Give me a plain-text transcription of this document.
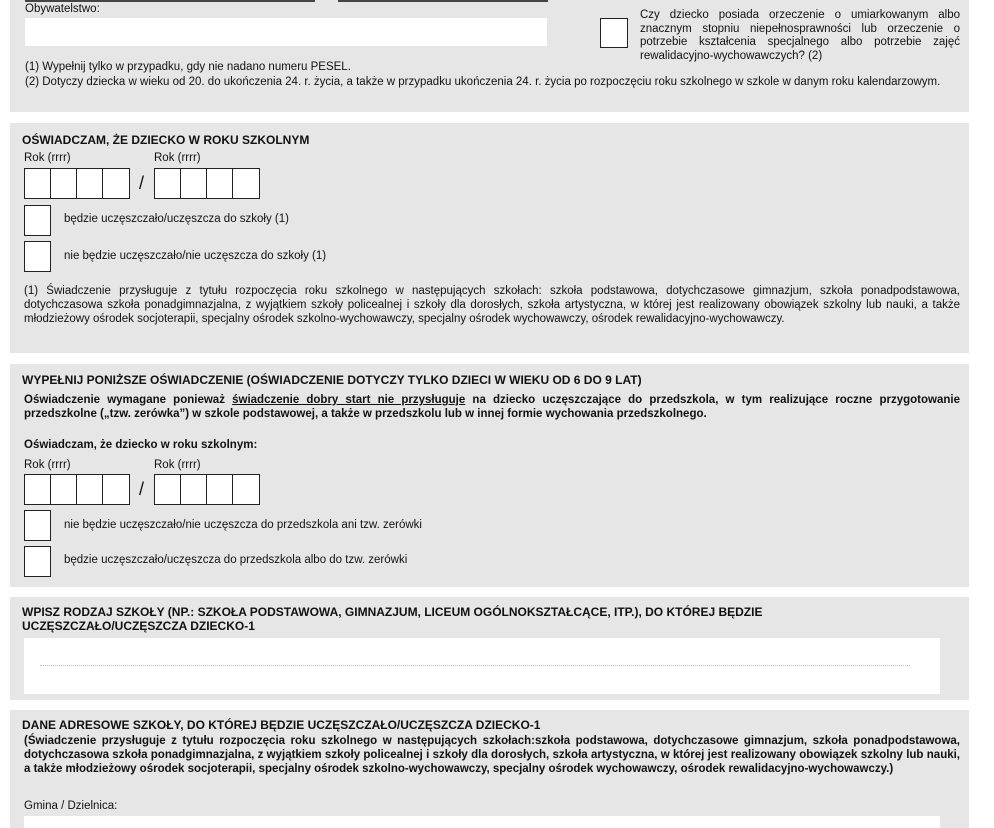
Obywatelstwo:	Czy dziecko posiada orzeczenie o umiarkowanym albo znacznym stopniu niepełnosprawności lub orzeczenie o potrzebie kształcenia specjalnego albo potrzebie zajęć rewalidacyjno-wychowawczych? (2)
(1) Wypełnij tylko w przypadku, gdy nie nadano numeru PESEL.
(2) Dotyczy dziecka w wieku od 20. do ukończenia 24. r. życia, a także w przypadku ukończenia 24. r. życia po rozpoczęciu roku szkolnego w szkole w danym roku kalendarzowym.
OŚWIADCZAM, ŻE DZIECKO W ROKU SZKOLNYM
Rok (rrrr)	Rok (rrrr)
/
będzie uczęszczało/uczęszcza do szkoły (1)
nie będzie uczęszczało/nie uczęszcza do szkoły (1)
(1) Świadczenie przysługuje z tytułu rozpoczęcia roku szkolnego w następujących szkołach: szkoła podstawowa, dotychczasowe gimnazjum, szkoła ponadpodstawowa, dotychczasowa szkoła ponadgimnazjalna, z wyjątkiem szkoły policealnej i szkoły dla dorosłych, szkoła artystyczna, w której jest realizowany obowiązek szkolny lub nauki, a także młodzieżowy ośrodek socjoterapii, specjalny ośrodek szkolno-wychowawczy, specjalny ośrodek wychowawczy, ośrodek rewalidacyjno-wychowawczy.
WYPEŁNIJ PONIŻSZE OŚWIADCZENIE (OŚWIADCZENIE DOTYCZY TYLKO DZIECI W WIEKU OD 6 DO 9 LAT)
Oświadczenie wymagane ponieważ świadczenie dobry start nie przysługuje na dziecko uczęszczające do przedszkola, w tym realizujące roczne przygotowanie przedszkolne („tzw. zerówka”) w szkole podstawowej, a także w przedszkolu lub w innej formie wychowania przedszkolnego.
Oświadczam, że dziecko w roku szkolnym:
Rok (rrrr)	Rok (rrrr)
/
nie będzie uczęszczało/nie uczęszcza do przedszkola ani tzw. zerówki
będzie uczęszczało/uczęszcza do przedszkola albo do tzw. zerówki
WPISZ RODZAJ SZKOŁY (NP.: SZKOŁA PODSTAWOWA, GIMNAZJUM, LICEUM OGÓLNOKSZTAŁCĄCE, ITP.), DO KTÓREJ BĘDZIE UCZĘSZCZAŁO/UCZĘSZCZA DZIECKO-1
DANE ADRESOWE SZKOŁY, DO KTÓREJ BĘDZIE UCZĘSZCZAŁO/UCZĘSZCZA DZIECKO-1
(Świadczenie przysługuje z tytułu rozpoczęcia roku szkolnego w następujących szkołach:szkoła podstawowa, dotychczasowe gimnazjum, szkoła ponadpodstawowa, dotychczasowa szkoła ponadgimnazjalna, z wyjątkiem szkoły policealnej i szkoły dla dorosłych, szkoła artystyczna, w której jest realizowany obowiązek szkolny lub nauki, a także młodzieżowy ośrodek socjoterapii, specjalny ośrodek szkolno-wychowawczy, specjalny ośrodek wychowawczy, ośrodek rewalidacyjno-wychowawczy.)
Gmina / Dzielnica:
